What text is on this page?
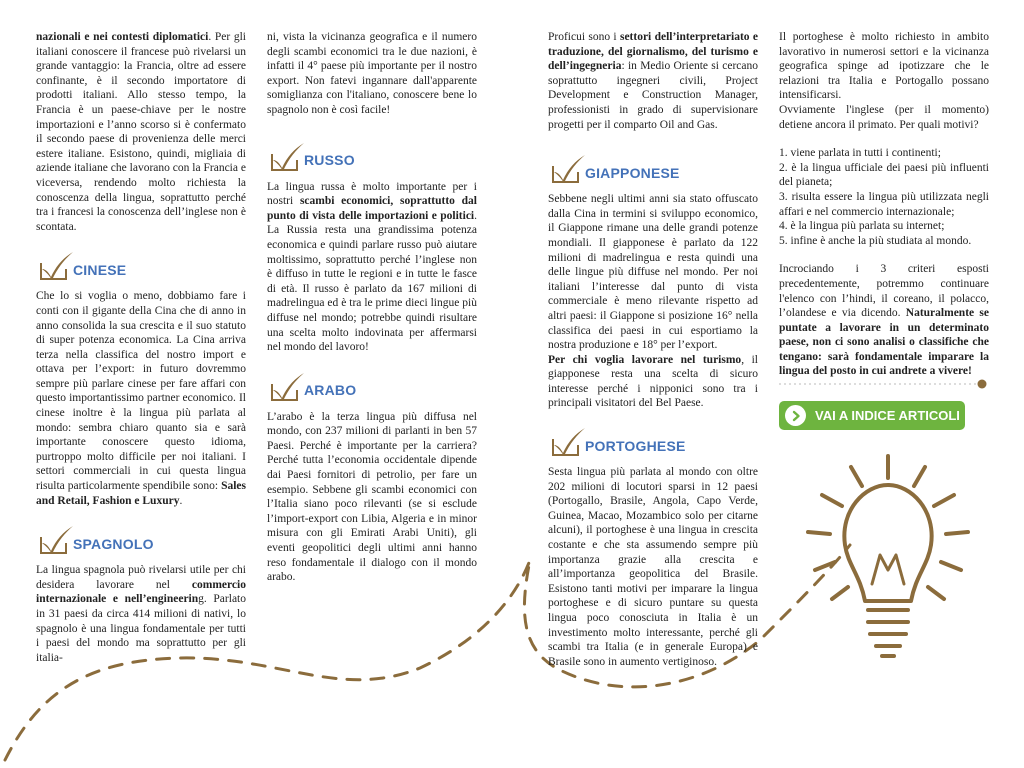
nazionali e nei contesti diplomatici. Per gli italiani conoscere il francese può rivelarsi un grande vantaggio: la Francia, oltre ad essere confinante, è il secondo importatore di prodotti italiani. Allo stesso tempo, la Francia è un paese-chiave per le nostre importazioni e l’anno scorso si è confermato il secondo paese di provenienza delle merci estere italiane. Esistono, quindi, migliaia di aziende italiane che lavorano con la Francia e viceversa, rendendo molto richiesta la conoscenza della lingua, soprattutto perché tra i francesi la conoscenza dell’inglese non è scontata.

CINESE

Che lo si voglia o meno, dobbiamo fare i conti con il gigante della Cina che di anno in anno consolida la sua crescita e il suo statuto di super potenza economica. La Cina arriva terza nella classifica del nostro import e ottava per l’export: in futuro dovremmo sempre più parlare cinese per fare affari con questo importantissimo partner economico. Il cinese inoltre è la lingua più parlata al mondo: sembra chiaro quanto sia e sarà importante conoscere questo idioma, purtroppo molto difficile per noi italiani. I settori commerciali in cui questa lingua risulta particolarmente spendibile sono: Sales and Retail, Fashion e Luxury.

SPAGNOLO

La lingua spagnola può rivelarsi utile per chi desidera lavorare nel commercio internazionale e nell’engineering. Parlato in 31 paesi da circa 414 milioni di nativi, lo spagnolo è una lingua fondamentale per tutti i paesi del mondo ma soprattutto per gli italia-

ni, vista la vicinanza geografica e il numero degli scambi economici tra le due nazioni, è infatti il 4° paese più importante per il nostro export. Non fatevi ingannare dall'apparente somiglianza con l'italiano, conoscere bene lo spagnolo non è così facile!

RUSSO

La lingua russa è molto importante per i nostri scambi economici, soprattutto dal punto di vista delle importazioni e politici. La Russia resta una grandissima potenza economica e quindi parlare russo può aiutare moltissimo, soprattutto perché l’inglese non è diffuso in tutte le regioni e in tutte le fasce di età. Il russo è parlato da 167 milioni di madrelingua ed è tra le prime dieci lingue più diffuse nel mondo; potrebbe quindi risultare una scelta molto indovinata per affermarsi nel mondo del lavoro!

ARABO

L’arabo è la terza lingua più diffusa nel mondo, con 237 milioni di parlanti in ben 57 Paesi. Perché è importante per la carriera? Perché tutta l’economia occidentale dipende dai Paesi fornitori di petrolio, per fare un esempio. Sebbene gli scambi economici con l’Italia siano poco rilevanti (se si esclude l’import-export con Libia, Algeria e in minor misura con gli Emirati Arabi Uniti), gli eventi geopolitici degli ultimi anni hanno reso fondamentale il dialogo con il mondo arabo.

Proficui sono i settori dell’interpretariato e traduzione, del giornalismo, del turismo e dell’ingegneria: in Medio Oriente si cercano soprattutto ingegneri civili, Project Development e Construction Manager, professionisti in grado di supervisionare progetti per il comparto Oil and Gas.

GIAPPONESE

Sebbene negli ultimi anni sia stato offuscato dalla Cina in termini si sviluppo economico, il Giappone rimane una delle grandi potenze mondiali. Il giapponese è parlato da 122 milioni di madrelingua e resta quindi una delle lingue più diffuse nel mondo. Per noi italiani l’interesse dal punto di vista commerciale è meno rilevante rispetto ad altri paesi: il Giappone si posizione 16° nella classifica dei paesi in cui esportiamo la nostra produzione e 18° per l’export.

Per chi voglia lavorare nel turismo, il giapponese resta una scelta di sicuro interesse perché i nipponici sono tra i principali visitatori del Bel Paese.

PORTOGHESE

Sesta lingua più parlata al mondo con oltre 202 milioni di locutori sparsi in 12 paesi (Portogallo, Brasile, Angola, Capo Verde, Guinea, Macao, Mozambico solo per citarne alcuni), il portoghese è una lingua in crescita costante e che sta assumendo sempre più importanza grazie alla crescita e all’importanza geopolitica del Brasile. Esistono tanti motivi per imparare la lingua portoghese e di sicuro puntare su questa lingua poco conosciuta in Italia è un investimento molto interessante, perché gli scambi tra Italia (e in generale Europa) e Brasile sono in aumento vertiginoso.

Il portoghese è molto richiesto in ambito lavorativo in numerosi settori e la vicinanza geografica spinge ad ipotizzare che le relazioni tra Italia e Portogallo possano intensificarsi.

Ovviamente l'inglese (per il momento) detiene ancora il primato. Per quali motivi?

1. viene parlata in tutti i continenti;
2. è la lingua ufficiale dei paesi più influenti del pianeta;
3. risulta essere la lingua più utilizzata negli affari e nel commercio internazionale;
4. è la lingua più parlata su internet;
5. infine è anche la più studiata al mondo.

Incrociando i 3 criteri esposti precedentemente, potremmo continuare l'elenco con l’hindi, il coreano, il polacco, l’olandese e via dicendo. Naturalmente se puntate a lavorare in un determinato paese, non ci sono analisi o classifiche che tengano: sarà fondamentale imparare la lingua del posto in cui andrete a vivere!

VAI A INDICE ARTICOLI
